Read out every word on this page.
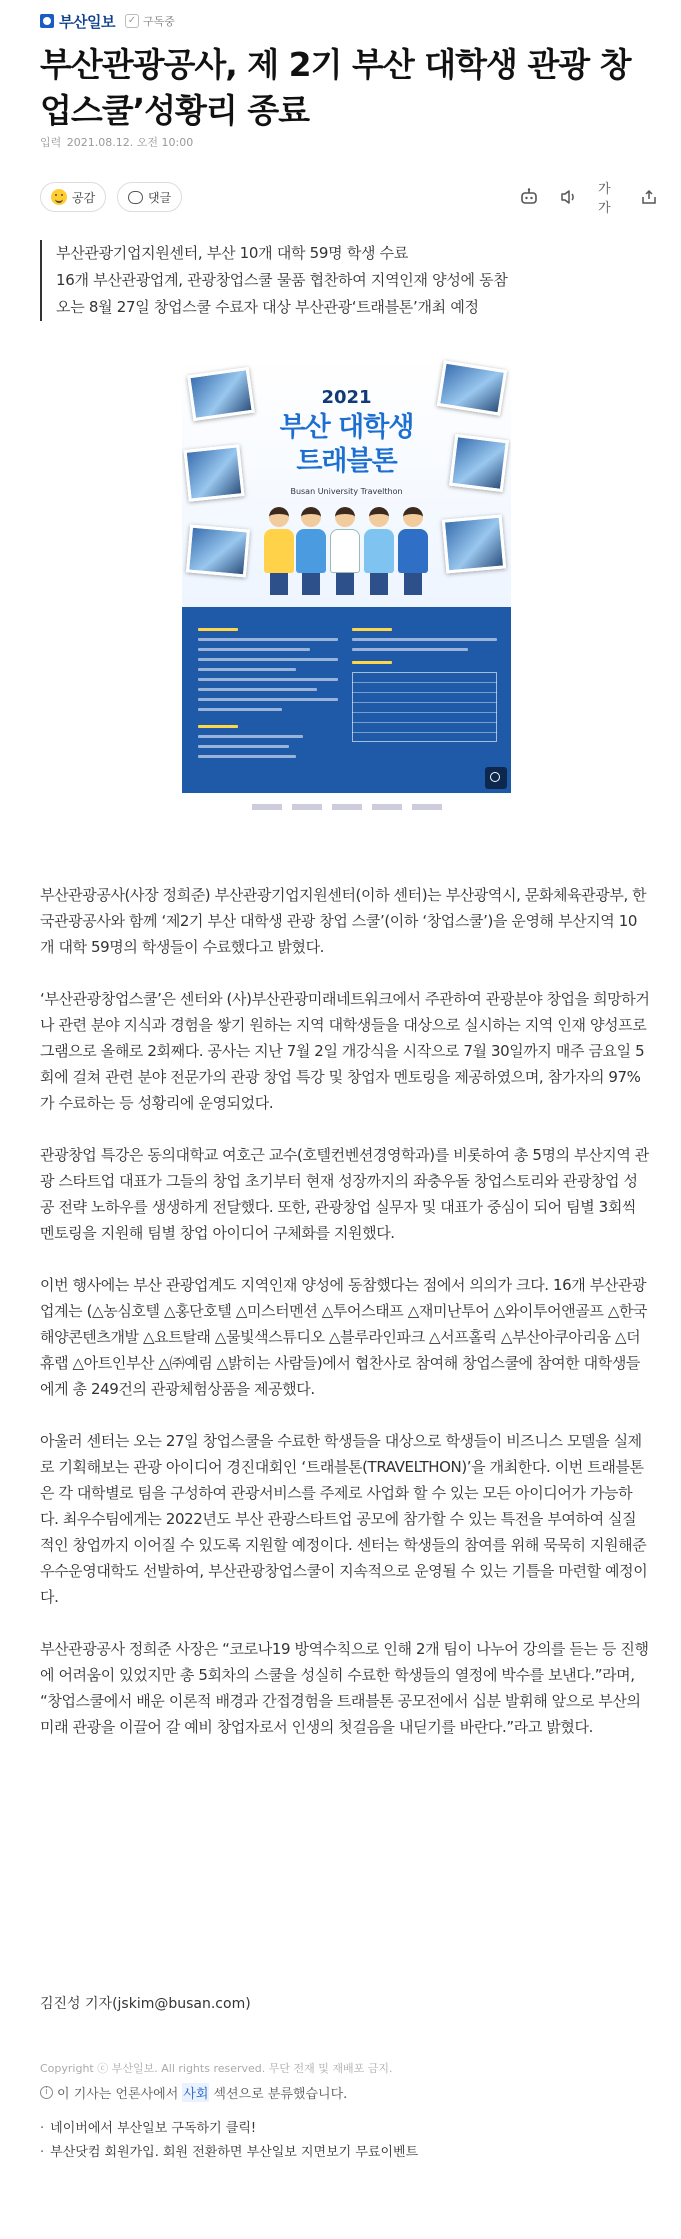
부산일보 ✓ 구독중
부산관광공사, 제 2기 부산 대학생 관광 창업스쿨’성황리 종료
입력 2021.08.12. 오전 10:00
공감	댓글
가가

부산관광기업지원센터, 부산 10개 대학 59명 학생 수료

16개 부산관광업계, 관광창업스쿨 물품 협찬하여 지역인재 양성에 동참

오는 8월 27일 창업스쿨 수료자 대상 부산관광‘트래블톤’개최 예정

2021
부산 대학생
트래블톤
Busan University Travelthon

부산관광공사(사장 정희준) 부산관광기업지원센터(이하 센터)는 부산광역시, 문화체육관광부, 한국관광공사와 함께 ‘제2기 부산 대학생 관광 창업 스쿨’(이하 ‘창업스쿨’)을 운영해 부산지역 10개 대학 59명의 학생들이 수료했다고 밝혔다.

‘부산관광창업스쿨’은 센터와 (사)부산관광미래네트워크에서 주관하여 관광분야 창업을 희망하거나 관련 분야 지식과 경험을 쌓기 원하는 지역 대학생들을 대상으로 실시하는 지역 인재 양성프로그램으로 올해로 2회째다. 공사는 지난 7월 2일 개강식을 시작으로 7월 30일까지 매주 금요일 5회에 걸쳐 관련 분야 전문가의 관광 창업 특강 및 창업자 멘토링을 제공하였으며, 참가자의 97%가 수료하는 등 성황리에 운영되었다.

관광창업 특강은 동의대학교 여호근 교수(호텔컨벤션경영학과)를 비롯하여 총 5명의 부산지역 관광 스타트업 대표가 그들의 창업 초기부터 현재 성장까지의 좌충우돌 창업스토리와 관광창업 성공 전략 노하우를 생생하게 전달했다. 또한, 관광창업 실무자 및 대표가 중심이 되어 팀별 3회씩 멘토링을 지원해 팀별 창업 아이디어 구체화를 지원했다.

이번 행사에는 부산 관광업계도 지역인재 양성에 동참했다는 점에서 의의가 크다. 16개 부산관광업계는 (△농심호텔 △홍단호텔 △미스터멘션 △투어스태프 △재미난투어 △와이투어앤골프 △한국해양콘텐츠개발 △요트탈래 △물빛색스튜디오 △블루라인파크 △서프홀릭 △부산아쿠아리움 △더휴랩 △아트인부산 △㈜예림 △밝히는 사람들)에서 협찬사로 참여해 창업스쿨에 참여한 대학생들에게 총 249건의 관광체험상품을 제공했다.

아울러 센터는 오는 27일 창업스쿨을 수료한 학생들을 대상으로 학생들이 비즈니스 모델을 실제로 기획해보는 관광 아이디어 경진대회인 ‘트래블톤(TRAVELTHON)’을 개최한다. 이번 트래블톤은 각 대학별로 팀을 구성하여 관광서비스를 주제로 사업화 할 수 있는 모든 아이디어가 가능하다. 최우수팀에게는 2022년도 부산 관광스타트업 공모에 참가할 수 있는 특전을 부여하여 실질적인 창업까지 이어질 수 있도록 지원할 예정이다. 센터는 학생들의 참여를 위해 묵묵히 지원해준 우수운영대학도 선발하여, 부산관광창업스쿨이 지속적으로 운영될 수 있는 기틀을 마련할 예정이다.

부산관광공사 정희준 사장은 “코로나19 방역수칙으로 인해 2개 팀이 나누어 강의를 듣는 등 진행에 어려움이 있었지만 총 5회차의 스쿨을 성실히 수료한 학생들의 열정에 박수를 보낸다.”라며, “창업스쿨에서 배운 이론적 배경과 간접경험을 트래블톤 공모전에서 십분 발휘해 앞으로 부산의 미래 관광을 이끌어 갈 예비 창업자로서 인생의 첫걸음을 내딛기를 바란다.”라고 밝혔다.

김진성 기자(jskim@busan.com)
Copyright ⓒ 부산일보. All rights reserved. 무단 전재 및 재배포 금지.
i 이 기사는 언론사에서 사회 섹션으로 분류했습니다.
· 네이버에서 부산일보 구독하기 클릭!
· 부산닷컴 회원가입. 회원 전환하면 부산일보 지면보기 무료이벤트
